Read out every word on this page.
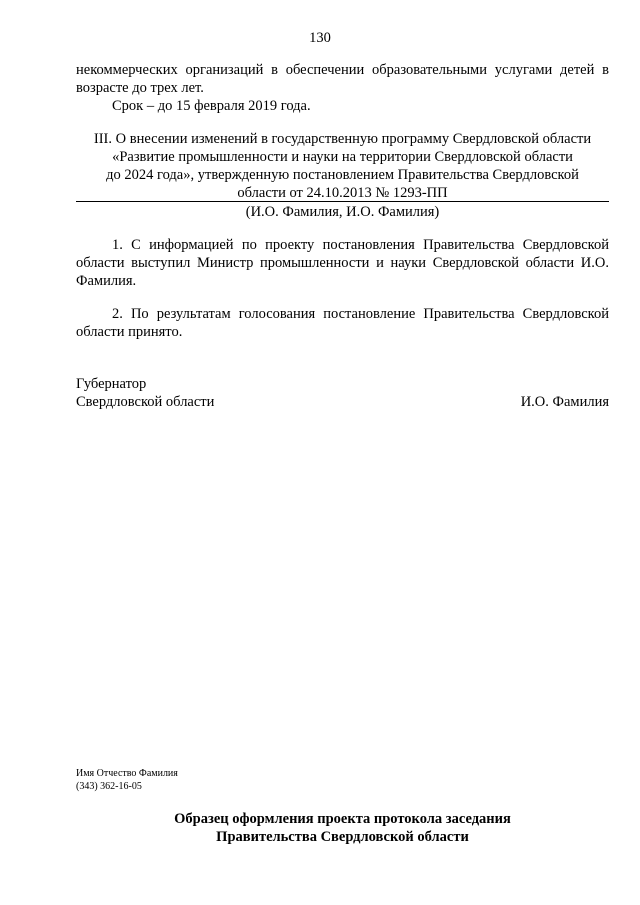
130
некоммерческих организаций в обеспечении образовательными услугами детей в
возрасте до трех лет.
Срок – до 15 февраля 2019 года.
III. О внесении изменений в государственную программу Свердловской области
«Развитие промышленности и науки на территории Свердловской области
до 2024 года», утвержденную постановлением Правительства Свердловской
области от 24.10.2013 № 1293-ПП
(И.О. Фамилия, И.О. Фамилия)
1. С информацией по проекту постановления Правительства Свердловской области выступил Министр промышленности и науки Свердловской области И.О. Фамилия.
2. По результатам голосования постановление Правительства Свердловской области принято.
Губернатор
Свердловской области	И.О. Фамилия
Имя Отчество Фамилия
(343) 362-16-05
Образец оформления проекта протокола заседания
Правительства Свердловской области
